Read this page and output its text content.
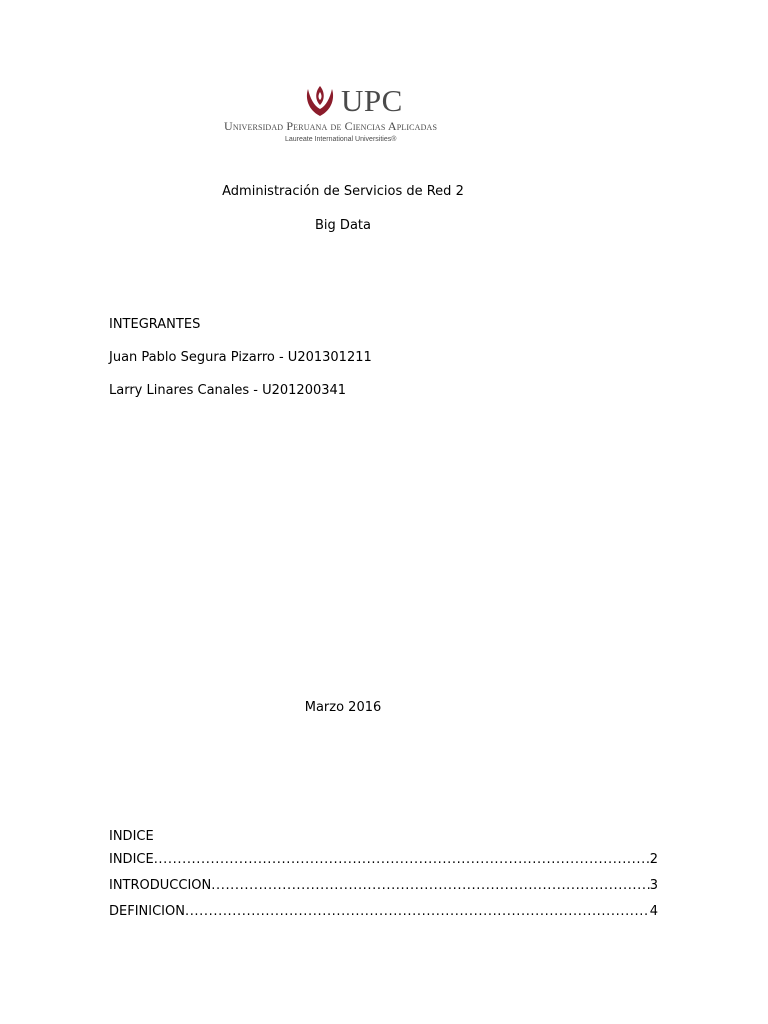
UPC
Universidad Peruana de Ciencias Aplicadas
Laureate International Universities®
Administración de Servicios de Red 2
Big Data
INTEGRANTES
Juan Pablo Segura Pizarro - U201301211
Larry Linares Canales - U201200341
Marzo 2016
INDICE
INDICE .....	2
INTRODUCCION .....	3
DEFINICION .....	4
